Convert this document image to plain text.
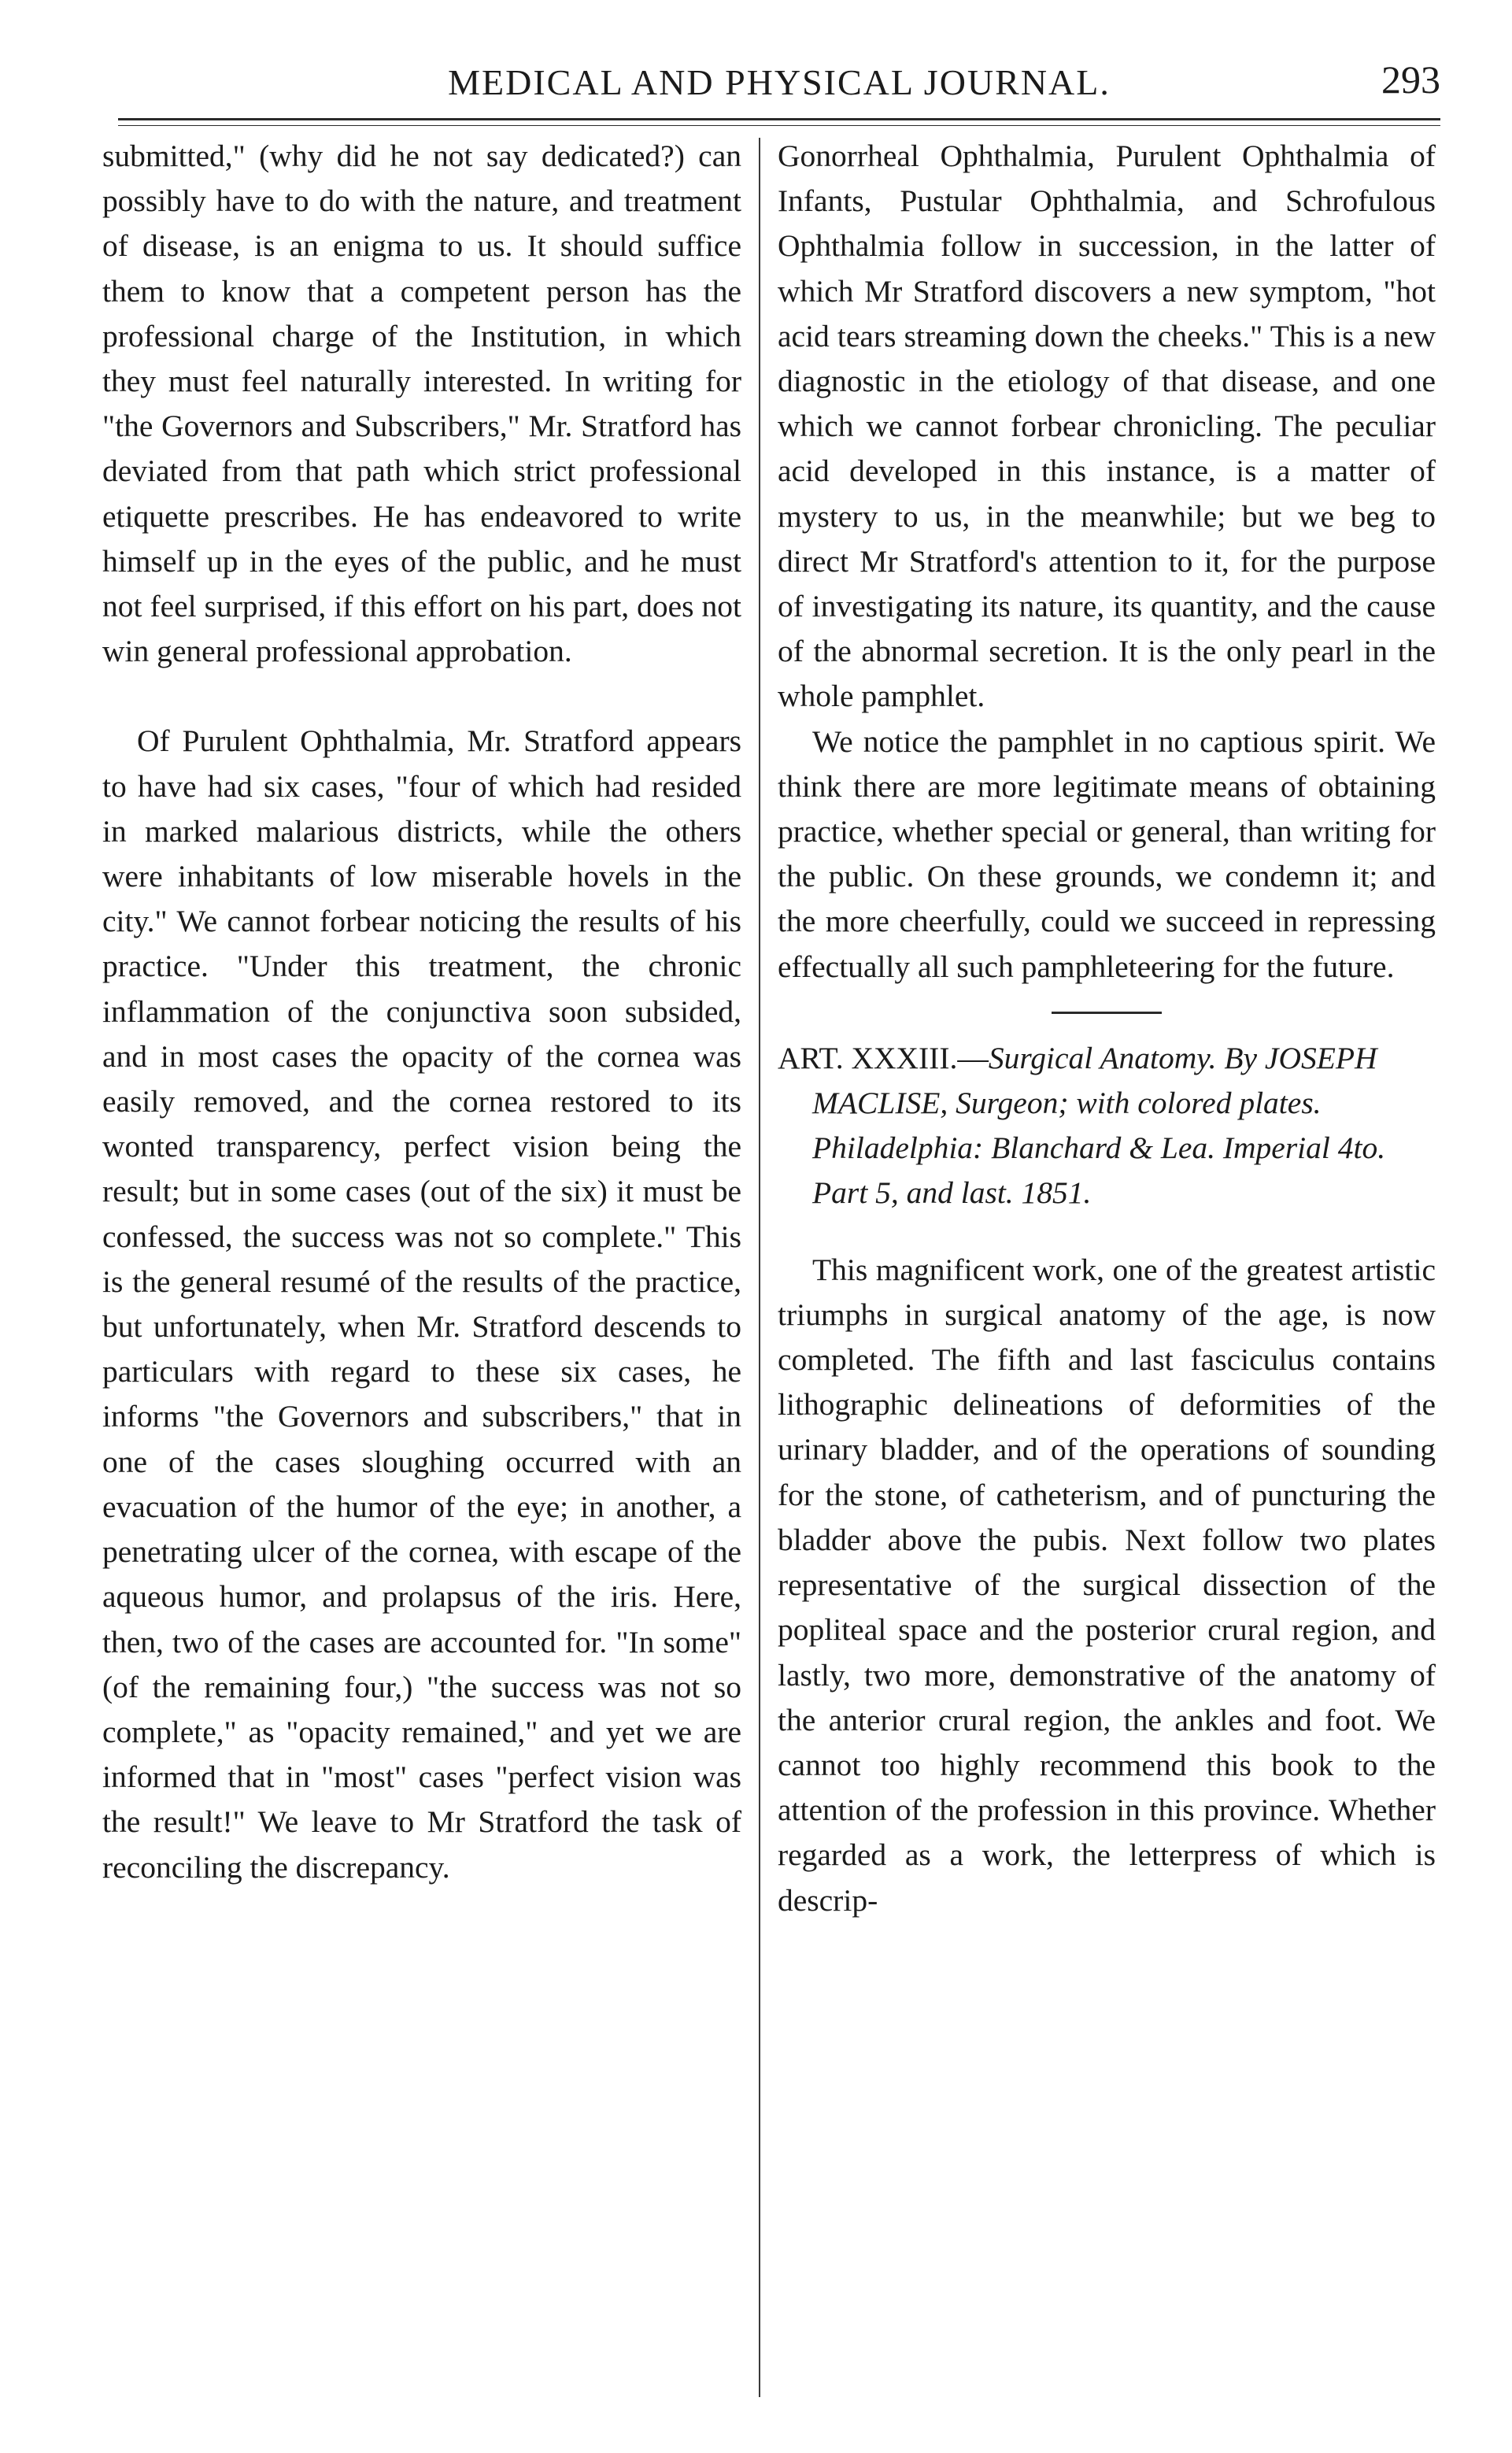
MEDICAL AND PHYSICAL JOURNAL.	293

submitted," (why did he not say dedicated?) can possibly have to do with the nature, and treatment of disease, is an enigma to us. It should suffice them to know that a competent person has the professional charge of the Institution, in which they must feel naturally interested. In writing for "the Governors and Subscribers," Mr. Stratford has deviated from that path which strict professional etiquette prescribes. He has endeavored to write himself up in the eyes of the public, and he must not feel surprised, if this effort on his part, does not win general professional approbation.

Of Purulent Ophthalmia, Mr. Stratford appears to have had six cases, "four of which had resided in marked malarious districts, while the others were inhabitants of low miserable hovels in the city." We cannot forbear noticing the results of his practice. "Under this treatment, the chronic inflammation of the conjunctiva soon subsided, and in most cases the opacity of the cornea was easily removed, and the cornea restored to its wonted transparency, perfect vision being the result; but in some cases (out of the six) it must be confessed, the success was not so complete." This is the general resumé of the results of the practice, but unfortunately, when Mr. Stratford descends to particulars with regard to these six cases, he informs "the Governors and subscribers," that in one of the cases sloughing occurred with an evacuation of the humor of the eye; in another, a penetrating ulcer of the cornea, with escape of the aqueous humor, and prolapsus of the iris. Here, then, two of the cases are accounted for. "In some" (of the remaining four,) "the success was not so complete," as "opacity remained," and yet we are informed that in "most" cases "perfect vision was the result!" We leave to Mr Stratford the task of reconciling the discrepancy.

Gonorrheal Ophthalmia, Purulent Ophthalmia of Infants, Pustular Ophthalmia, and Schrofulous Ophthalmia follow in succession, in the latter of which Mr Stratford discovers a new symptom, "hot acid tears streaming down the cheeks." This is a new diagnostic in the etiology of that disease, and one which we cannot forbear chronicling. The peculiar acid developed in this instance, is a matter of mystery to us, in the meanwhile; but we beg to direct Mr Stratford's attention to it, for the purpose of investigating its nature, its quantity, and the cause of the abnormal secretion. It is the only pearl in the whole pamphlet.

We notice the pamphlet in no captious spirit. We think there are more legitimate means of obtaining practice, whether special or general, than writing for the public. On these grounds, we condemn it; and the more cheerfully, could we succeed in repressing effectually all such pamphleteering for the future.

ART. XXXIII.—Surgical Anatomy. By JOSEPH MACLISE, Surgeon; with colored plates. Philadelphia: Blanchard & Lea. Imperial 4to. Part 5, and last. 1851.

This magnificent work, one of the greatest artistic triumphs in surgical anatomy of the age, is now completed. The fifth and last fasciculus contains lithographic delineations of deformities of the urinary bladder, and of the operations of sounding for the stone, of catheterism, and of puncturing the bladder above the pubis. Next follow two plates representative of the surgical dissection of the popliteal space and the posterior crural region, and lastly, two more, demonstrative of the anatomy of the anterior crural region, the ankles and foot. We cannot too highly recommend this book to the attention of the profession in this province. Whether regarded as a work, the letterpress of which is descrip-
